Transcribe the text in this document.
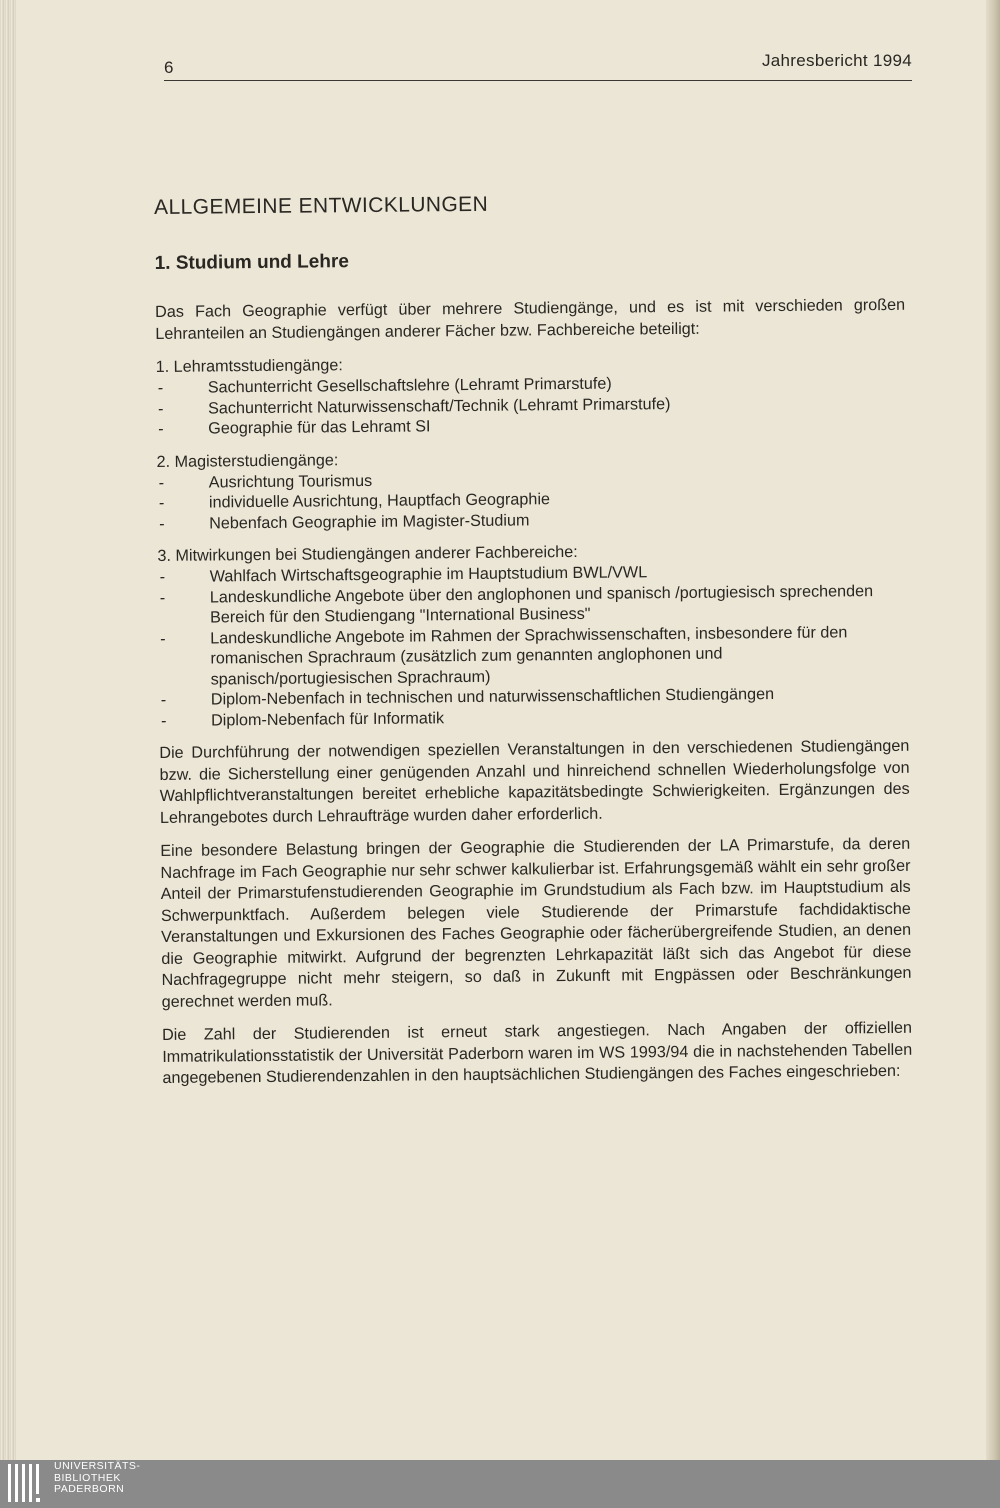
6	Jahresbericht 1994
ALLGEMEINE ENTWICKLUNGEN
1. Studium und Lehre

Das Fach Geographie verfügt über mehrere Studiengänge, und es ist mit verschieden großen Lehranteilen an Studiengängen anderer Fächer bzw. Fachbereiche beteiligt:

1. Lehramtsstudiengänge:
- Sachunterricht Gesellschaftslehre (Lehramt Primarstufe)
- Sachunterricht Naturwissenschaft/Technik (Lehramt Primarstufe)
- Geographie für das Lehramt SI
2. Magisterstudiengänge:
- Ausrichtung Tourismus
- individuelle Ausrichtung, Hauptfach Geographie
- Nebenfach Geographie im Magister-Studium
3. Mitwirkungen bei Studiengängen anderer Fachbereiche:
- Wahlfach Wirtschaftsgeographie im Hauptstudium BWL/VWL
- Landeskundliche Angebote über den anglophonen und spanisch /portugiesisch sprechenden Bereich für den Studiengang "International Business"
- Landeskundliche Angebote im Rahmen der Sprachwissenschaften, insbesondere für den romanischen Sprachraum (zusätzlich zum genannten anglophonen und spanisch/portugiesischen Sprachraum)
- Diplom-Nebenfach in technischen und naturwissenschaftlichen Studiengängen
- Diplom-Nebenfach für Informatik

Die Durchführung der notwendigen speziellen Veranstaltungen in den verschiedenen Studiengängen bzw. die Sicherstellung einer genügenden Anzahl und hinreichend schnellen Wiederholungsfolge von Wahlpflichtveranstaltungen bereitet erhebliche kapazitätsbedingte Schwierigkeiten. Ergänzungen des Lehrangebotes durch Lehraufträge wurden daher erforderlich.

Eine besondere Belastung bringen der Geographie die Studierenden der LA Primarstufe, da deren Nachfrage im Fach Geographie nur sehr schwer kalkulierbar ist. Erfahrungsgemäß wählt ein sehr großer Anteil der Primarstufenstudierenden Geographie im Grundstudium als Fach bzw. im Hauptstudium als Schwerpunktfach. Außerdem belegen viele Studierende der Primarstufe fachdidaktische Veranstaltungen und Exkursionen des Faches Geographie oder fächerübergreifende Studien, an denen die Geographie mitwirkt. Aufgrund der begrenzten Lehrkapazität läßt sich das Angebot für diese Nachfragegruppe nicht mehr steigern, so daß in Zukunft mit Engpässen oder Beschränkungen gerechnet werden muß.

Die Zahl der Studierenden ist erneut stark angestiegen. Nach Angaben der offiziellen Immatrikulationsstatistik der Universität Paderborn waren im WS 1993/94 die in nachstehenden Tabellen angegebenen Studierendenzahlen in den hauptsächlichen Studiengängen des Faches eingeschrieben:

UNIVERSITÄTS-
BIBLIOTHEK
PADERBORN
